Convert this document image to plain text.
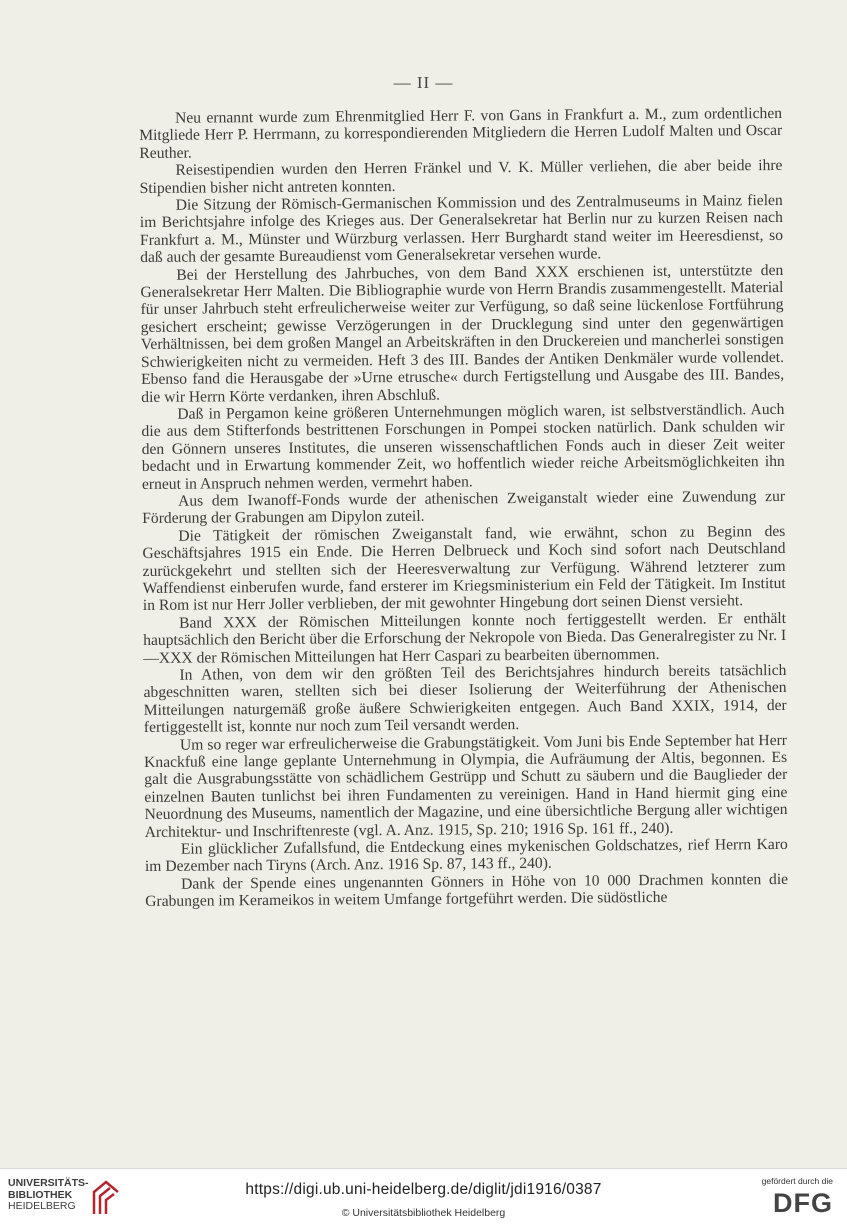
— II —

Neu ernannt wurde zum Ehrenmitglied Herr F. von Gans in Frankfurt a. M., zum ordentlichen Mitgliede Herr P. Herrmann, zu korrespondierenden Mitgliedern die Herren Ludolf Malten und Oscar Reuther.

Reisestipendien wurden den Herren Fränkel und V. K. Müller verliehen, die aber beide ihre Stipendien bisher nicht antreten konnten.

Die Sitzung der Römisch-Germanischen Kommission und des Zentralmuseums in Mainz fielen im Berichtsjahre infolge des Krieges aus. Der Generalsekretar hat Berlin nur zu kurzen Reisen nach Frankfurt a. M., Münster und Würzburg verlassen. Herr Burghardt stand weiter im Heeresdienst, so daß auch der gesamte Bureaudienst vom Generalsekretar versehen wurde.

Bei der Herstellung des Jahrbuches, von dem Band XXX erschienen ist, unterstützte den Generalsekretar Herr Malten. Die Bibliographie wurde von Herrn Brandis zusammengestellt. Material für unser Jahrbuch steht erfreulicherweise weiter zur Verfügung, so daß seine lückenlose Fortführung gesichert erscheint; gewisse Verzögerungen in der Drucklegung sind unter den gegenwärtigen Verhältnissen, bei dem großen Mangel an Arbeitskräften in den Druckereien und mancherlei sonstigen Schwierigkeiten nicht zu vermeiden. Heft 3 des III. Bandes der Antiken Denkmäler wurde vollendet. Ebenso fand die Herausgabe der »Urne etrusche« durch Fertigstellung und Ausgabe des III. Bandes, die wir Herrn Körte verdanken, ihren Abschluß.

Daß in Pergamon keine größeren Unternehmungen möglich waren, ist selbstverständlich. Auch die aus dem Stifterfonds bestrittenen Forschungen in Pompei stocken natürlich. Dank schulden wir den Gönnern unseres Institutes, die unseren wissenschaftlichen Fonds auch in dieser Zeit weiter bedacht und in Erwartung kommender Zeit, wo hoffentlich wieder reiche Arbeitsmöglichkeiten ihn erneut in Anspruch nehmen werden, vermehrt haben.

Aus dem Iwanoff-Fonds wurde der athenischen Zweiganstalt wieder eine Zuwendung zur Förderung der Grabungen am Dipylon zuteil.

Die Tätigkeit der römischen Zweiganstalt fand, wie erwähnt, schon zu Beginn des Geschäftsjahres 1915 ein Ende. Die Herren Delbrueck und Koch sind sofort nach Deutschland zurückgekehrt und stellten sich der Heeresverwaltung zur Verfügung. Während letzterer zum Waffendienst einberufen wurde, fand ersterer im Kriegsministerium ein Feld der Tätigkeit. Im Institut in Rom ist nur Herr Joller verblieben, der mit gewohnter Hingebung dort seinen Dienst versieht.

Band XXX der Römischen Mitteilungen konnte noch fertiggestellt werden. Er enthält hauptsächlich den Bericht über die Erforschung der Nekropole von Bieda. Das Generalregister zu Nr. I—XXX der Römischen Mitteilungen hat Herr Caspari zu bearbeiten übernommen.

In Athen, von dem wir den größten Teil des Berichtsjahres hindurch bereits tatsächlich abgeschnitten waren, stellten sich bei dieser Isolierung der Weiterführung der Athenischen Mitteilungen naturgemäß große äußere Schwierigkeiten entgegen. Auch Band XXIX, 1914, der fertiggestellt ist, konnte nur noch zum Teil versandt werden.

Um so reger war erfreulicherweise die Grabungstätigkeit. Vom Juni bis Ende September hat Herr Knackfuß eine lange geplante Unternehmung in Olympia, die Aufräumung der Altis, begonnen. Es galt die Ausgrabungsstätte von schädlichem Gestrüpp und Schutt zu säubern und die Bauglieder der einzelnen Bauten tunlichst bei ihren Fundamenten zu vereinigen. Hand in Hand hiermit ging eine Neuordnung des Museums, namentlich der Magazine, und eine übersichtliche Bergung aller wichtigen Architektur- und Inschriftenreste (vgl. A. Anz. 1915, Sp. 210; 1916 Sp. 161 ff., 240).

Ein glücklicher Zufallsfund, die Entdeckung eines mykenischen Goldschatzes, rief Herrn Karo im Dezember nach Tiryns (Arch. Anz. 1916 Sp. 87, 143 ff., 240).

Dank der Spende eines ungenannten Gönners in Höhe von 10 000 Drachmen konnten die Grabungen im Kerameikos in weitem Umfange fortgeführt werden. Die südöstliche

UNIVERSITÄTS-
BIBLIOTHEK
HEIDELBERG
https://digi.ub.uni-heidelberg.de/diglit/jdi1916/0387
© Universitätsbibliothek Heidelberg
gefördert durch die
DFG
